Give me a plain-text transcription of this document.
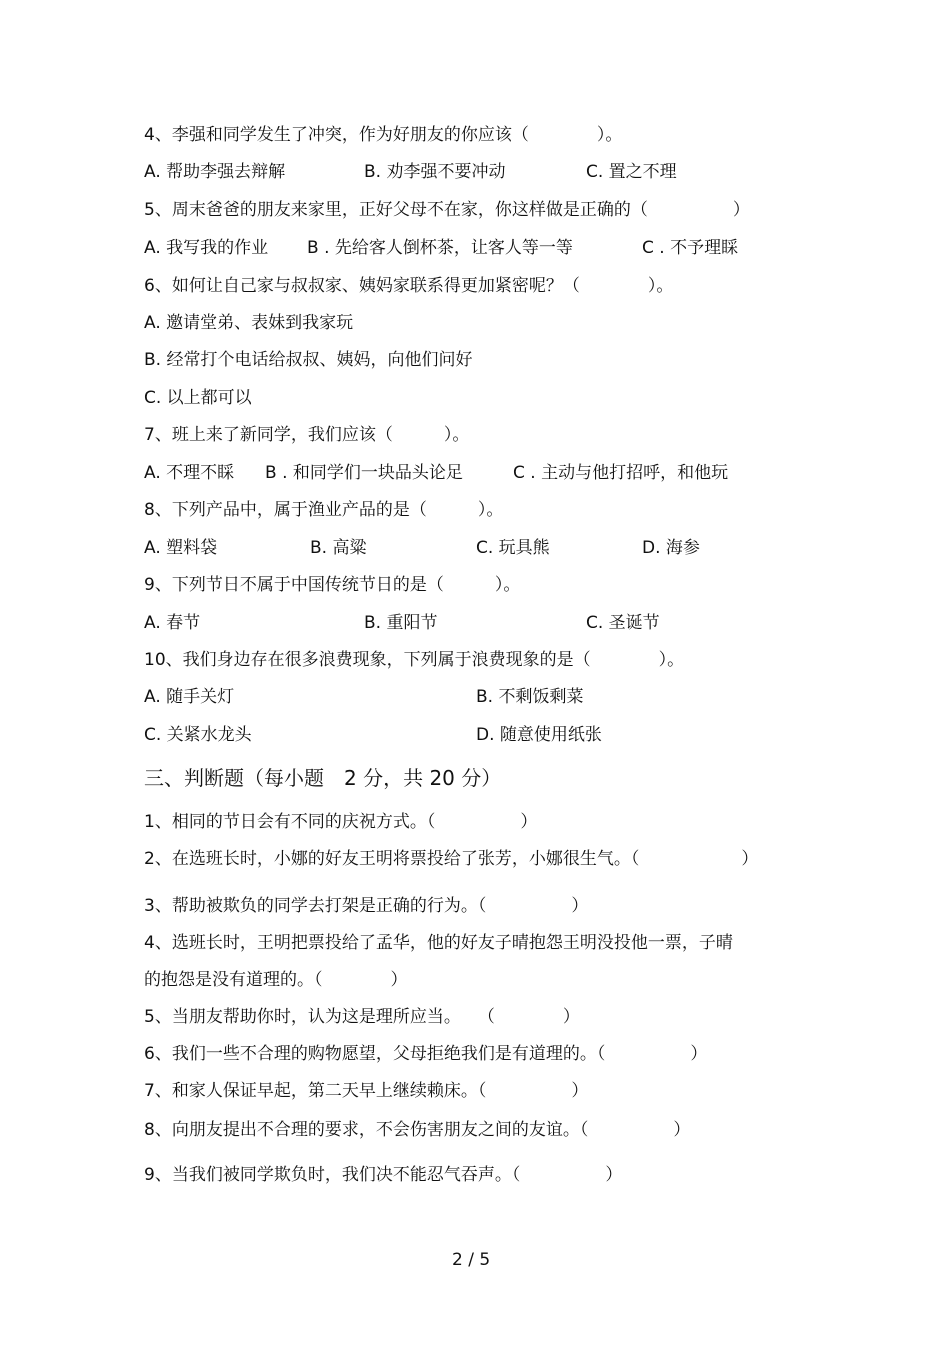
4、李强和同学发生了冲突，作为好朋友的你应该（　　　　）。
A. 帮助李强去辩解	B. 劝李强不要冲动	C. 置之不理
5、周末爸爸的朋友来家里，正好父母不在家，你这样做是正确的（　　　　　）
A. 我写我的作业 B . 先给客人倒杯茶，让客人等一等	C . 不予理睬
6、如何让自己家与叔叔家、姨妈家联系得更加紧密呢？（　　　　）。
A. 邀请堂弟、表妹到我家玩
B. 经常打个电话给叔叔、姨妈，向他们问好
C. 以上都可以
7、班上来了新同学，我们应该（　　　）。
A. 不理不睬 B . 和同学们一块品头论足	C . 主动与他打招呼，和他玩
8、下列产品中，属于渔业产品的是（　　　）。
A. 塑料袋	B. 高粱	C. 玩具熊	D. 海参
9、下列节日不属于中国传统节日的是（　　　）。
A. 春节	B. 重阳节	C. 圣诞节
10、我们身边存在很多浪费现象，下列属于浪费现象的是（　　　　）。
A. 随手关灯	B. 不剩饭剩菜
C. 关紧水龙头	D. 随意使用纸张
三、判断题（每小题　2 分，共 20 分）
1、相同的节日会有不同的庆祝方式。（　　　　　）
2、在选班长时，小娜的好友王明将票投给了张芳，小娜很生气。（　　　　　　）
3、帮助被欺负的同学去打架是正确的行为。（　　　　　）
4、选班长时，王明把票投给了孟华，他的好友子晴抱怨王明没投他一票，子晴
的抱怨是没有道理的。（　　　　）
5、当朋友帮助你时，认为这是理所应当。　　（　　　　）
6、我们一些不合理的购物愿望，父母拒绝我们是有道理的。（　　　　　）
7、和家人保证早起，第二天早上继续赖床。（　　　　　）
8、向朋友提出不合理的要求，不会伤害朋友之间的友谊。（　　　　　）
9、当我们被同学欺负时，我们决不能忍气吞声。（　　　　　）
2 / 5
